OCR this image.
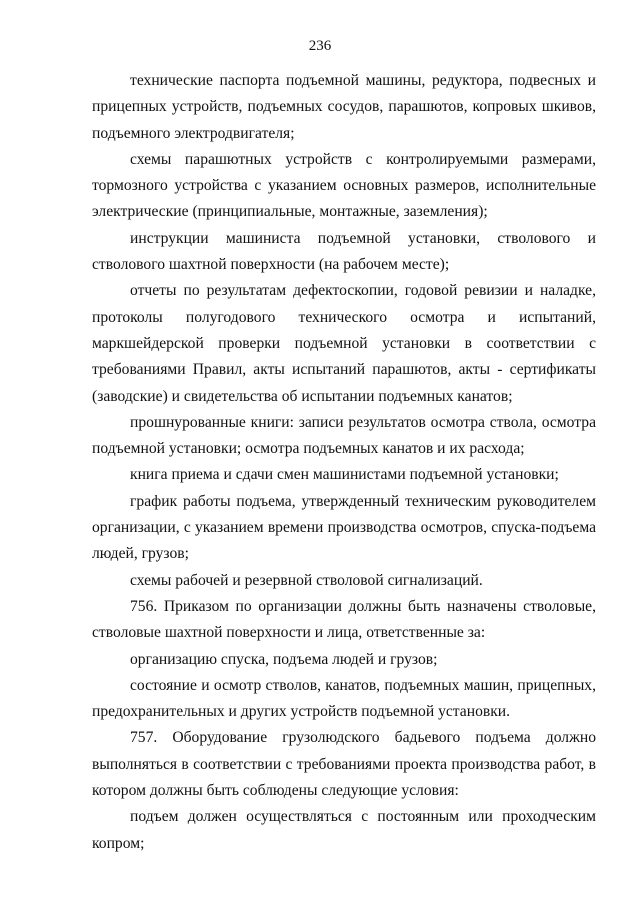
236

технические паспорта подъемной машины, редуктора, подвесных и прицепных устройств, подъемных сосудов, парашютов, копровых шкивов, подъемного электродвигателя;

схемы парашютных устройств с контролируемыми размерами, тормозного устройства с указанием основных размеров, исполнительные электрические (принципиальные, монтажные, заземления);

инструкции машиниста подъемной установки, стволового и стволового шахтной поверхности (на рабочем месте);

отчеты по результатам дефектоскопии, годовой ревизии и наладке, протоколы полугодового технического осмотра и испытаний, маркшейдерской проверки подъемной установки в соответствии с требованиями Правил, акты испытаний парашютов, акты - сертификаты (заводские) и свидетельства об испытании подъемных канатов;

прошнурованные книги: записи результатов осмотра ствола, осмотра подъемной установки; осмотра подъемных канатов и их расхода;

книга приема и сдачи смен машинистами подъемной установки;

график работы подъема, утвержденный техническим руководителем организации, с указанием времени производства осмотров, спуска-подъема людей, грузов;

схемы рабочей и резервной стволовой сигнализаций.

756. Приказом по организации должны быть назначены стволовые, стволовые шахтной поверхности и лица, ответственные за:

организацию спуска, подъема людей и грузов;

состояние и осмотр стволов, канатов, подъемных машин, прицепных, предохранительных и других устройств подъемной установки.

757. Оборудование грузолюдского бадьевого подъема должно выполняться в соответствии с требованиями проекта производства работ, в котором должны быть соблюдены следующие условия:

подъем должен осуществляться с постоянным или проходческим копром;
